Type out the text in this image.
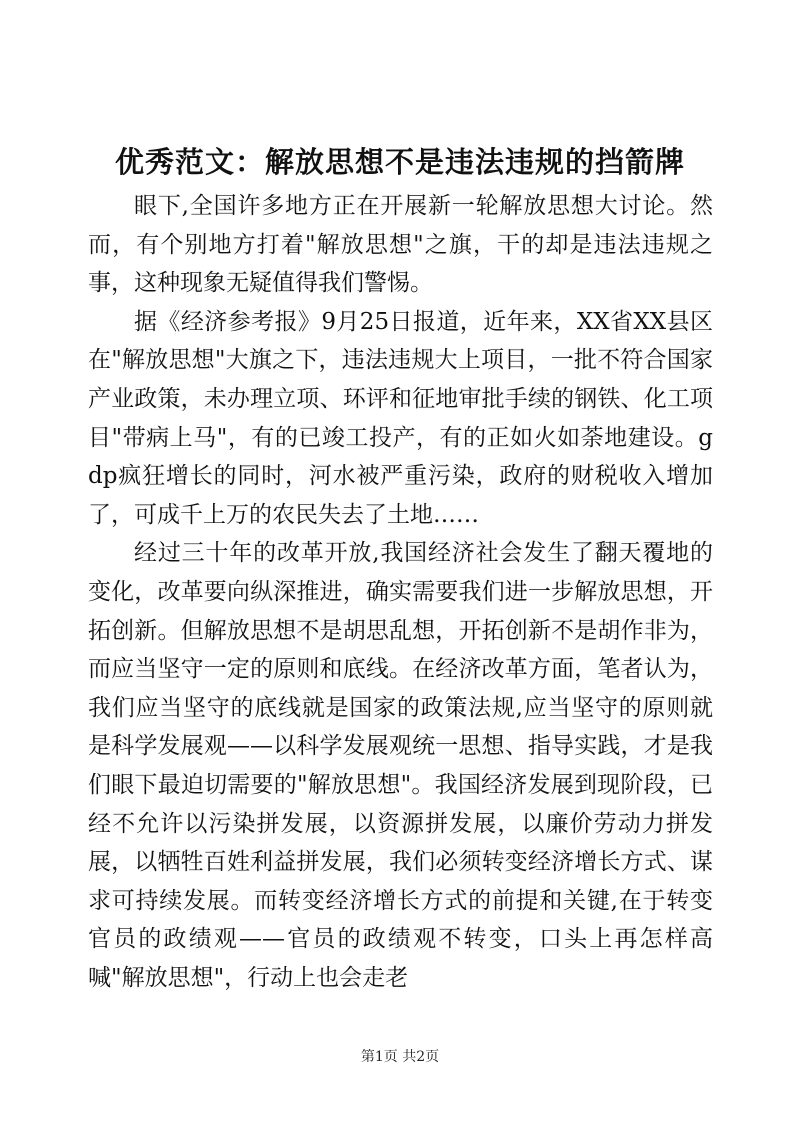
优秀范文：解放思想不是违法违规的挡箭牌

眼下,全国许多地方正在开展新一轮解放思想大讨论。然而，有个别地方打着"解放思想"之旗，干的却是违法违规之事，这种现象无疑值得我们警惕。

据《经济参考报》9月25日报道，近年来，XX省XX县区在"解放思想"大旗之下，违法违规大上项目，一批不符合国家产业政策，未办理立项、环评和征地审批手续的钢铁、化工项目"带病上马"，有的已竣工投产，有的正如火如荼地建设。gdp疯狂增长的同时，河水被严重污染，政府的财税收入增加了，可成千上万的农民失去了土地……

经过三十年的改革开放,我国经济社会发生了翻天覆地的变化，改革要向纵深推进，确实需要我们进一步解放思想，开拓创新。但解放思想不是胡思乱想，开拓创新不是胡作非为，而应当坚守一定的原则和底线。在经济改革方面，笔者认为，我们应当坚守的底线就是国家的政策法规,应当坚守的原则就是科学发展观——以科学发展观统一思想、指导实践，才是我们眼下最迫切需要的"解放思想"。我国经济发展到现阶段，已经不允许以污染拼发展，以资源拼发展，以廉价劳动力拼发展，以牺牲百姓利益拼发展，我们必须转变经济增长方式、谋求可持续发展。而转变经济增长方式的前提和关键,在于转变官员的政绩观——官员的政绩观不转变，口头上再怎样高喊"解放思想"，行动上也会走老

第1页 共2页
